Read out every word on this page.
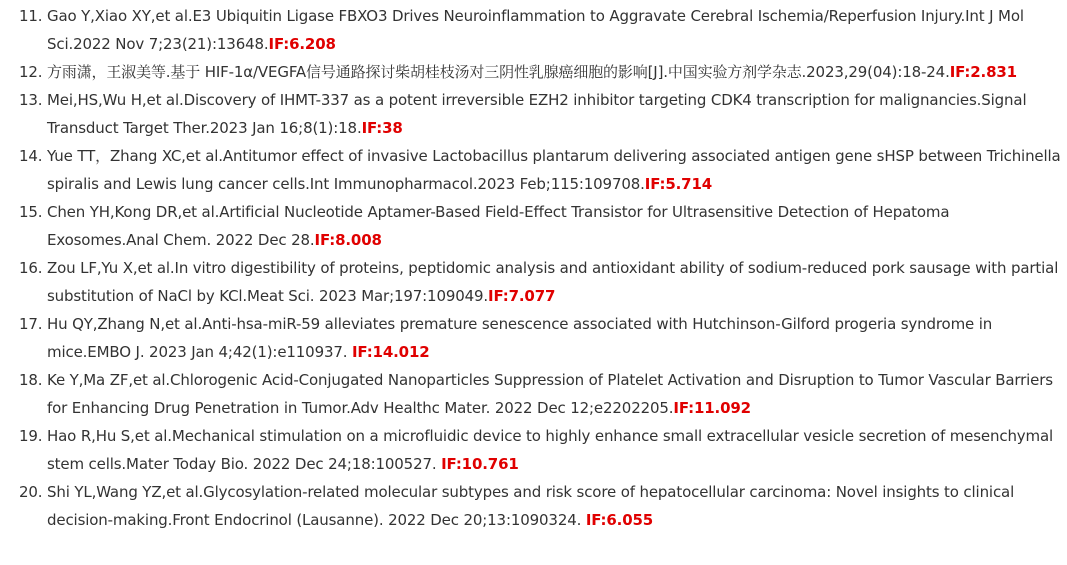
11. Gao Y,Xiao XY,et al.E3 Ubiquitin Ligase FBXO3 Drives Neuroinflammation to Aggravate Cerebral Ischemia/Reperfusion Injury.Int J Mol Sci.2022 Nov 7;23(21):13648.IF:6.208
12. 方雨潇，王淑美等.基于 HIF-1α/VEGFA信号通路探讨柴胡桂枝汤对三阴性乳腺癌细胞的影响[J].中国实验方剂学杂志.2023,29(04):18-24.IF:2.831
13. Mei,HS,Wu H,et al.Discovery of IHMT-337 as a potent irreversible EZH2 inhibitor targeting CDK4 transcription for malignancies.Signal Transduct Target Ther.2023 Jan 16;8(1):18.IF:38
14. Yue TT，Zhang XC,et al.Antitumor effect of invasive Lactobacillus plantarum delivering associated antigen gene sHSP between Trichinella spiralis and Lewis lung cancer cells.Int Immunopharmacol.2023 Feb;115:109708.IF:5.714
15. Chen YH,Kong DR,et al.Artificial Nucleotide Aptamer-Based Field-Effect Transistor for Ultrasensitive Detection of Hepatoma Exosomes.Anal Chem. 2022 Dec 28.IF:8.008
16. Zou LF,Yu X,et al.In vitro digestibility of proteins, peptidomic analysis and antioxidant ability of sodium-reduced pork sausage with partial substitution of NaCl by KCl.Meat Sci. 2023 Mar;197:109049.IF:7.077
17. Hu QY,Zhang N,et al.Anti-hsa-miR-59 alleviates premature senescence associated with Hutchinson-Gilford progeria syndrome in mice.EMBO J. 2023 Jan 4;42(1):e110937. IF:14.012
18. Ke Y,Ma ZF,et al.Chlorogenic Acid-Conjugated Nanoparticles Suppression of Platelet Activation and Disruption to Tumor Vascular Barriers for Enhancing Drug Penetration in Tumor.Adv Healthc Mater. 2022 Dec 12;e2202205.IF:11.092
19. Hao R,Hu S,et al.Mechanical stimulation on a microfluidic device to highly enhance small extracellular vesicle secretion of mesenchymal stem cells.Mater Today Bio. 2022 Dec 24;18:100527. IF:10.761
20. Shi YL,Wang YZ,et al.Glycosylation-related molecular subtypes and risk score of hepatocellular carcinoma: Novel insights to clinical decision-making.Front Endocrinol (Lausanne). 2022 Dec 20;13:1090324. IF:6.055
